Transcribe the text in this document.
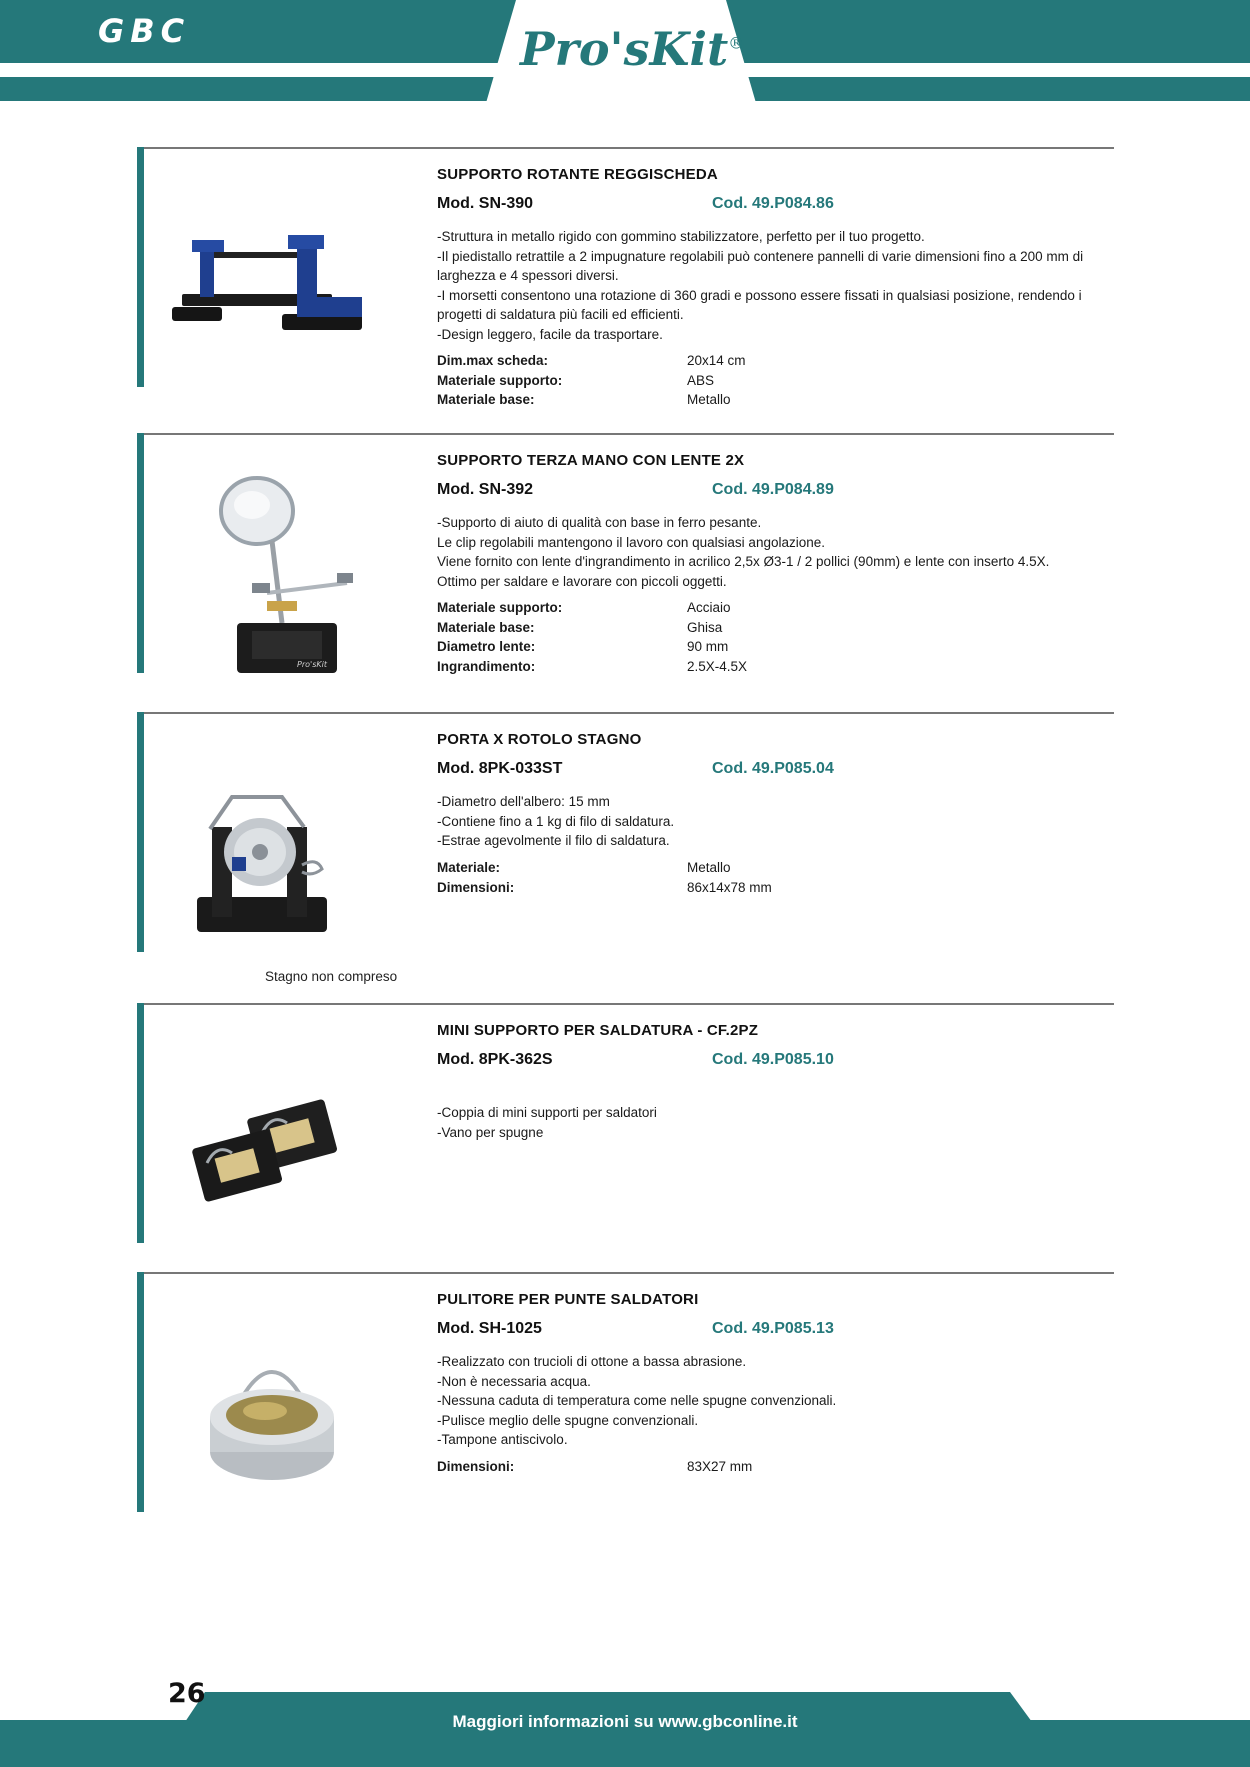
GBC	Pro'sKit®
SUPPORTO ROTANTE REGGISCHEDA
Mod. SN-390	Cod. 49.P084.86
-Struttura in metallo rigido con gommino stabilizzatore, perfetto per il tuo progetto.
-Il piedistallo retrattile a 2 impugnature regolabili può contenere pannelli di varie dimensioni fino a 200 mm di larghezza e 4 spessori diversi.
-I morsetti consentono una rotazione di 360 gradi e possono essere fissati in qualsiasi posizione, rendendo i progetti di saldatura più facili ed efficienti.
-Design leggero, facile da trasportare.
Dim.max scheda:	20x14 cm
Materiale supporto:	ABS
Materiale base:	Metallo
Pro'sKit
SUPPORTO TERZA MANO CON LENTE 2X
Mod. SN-392	Cod. 49.P084.89
-Supporto di aiuto di qualità con base in ferro pesante.
Le clip regolabili mantengono il lavoro con qualsiasi angolazione.
Viene fornito con lente d'ingrandimento in acrilico 2,5x Ø3-1 / 2 pollici (90mm) e lente con inserto 4.5X.
Ottimo per saldare e lavorare con piccoli oggetti.
Materiale supporto:	Acciaio
Materiale base:	Ghisa
Diametro lente:	90 mm
Ingrandimento:	2.5X-4.5X
Stagno non compreso
PORTA X ROTOLO STAGNO
Mod. 8PK-033ST	Cod. 49.P085.04
-Diametro dell'albero: 15 mm
-Contiene fino a 1 kg di filo di saldatura.
-Estrae agevolmente il filo di saldatura.
Materiale:	Metallo
Dimensioni:	86x14x78 mm
MINI SUPPORTO PER SALDATURA - CF.2PZ
Mod. 8PK-362S	Cod. 49.P085.10
-Coppia di mini supporti per saldatori
-Vano per spugne
PULITORE PER PUNTE SALDATORI
Mod. SH-1025	Cod. 49.P085.13
-Realizzato con trucioli di ottone a bassa abrasione.
-Non è necessaria acqua.
-Nessuna caduta di temperatura come nelle spugne convenzionali.
-Pulisce meglio delle spugne convenzionali.
-Tampone antiscivolo.
Dimensioni:	83X27 mm
26
Maggiori informazioni su www.gbconline.it
